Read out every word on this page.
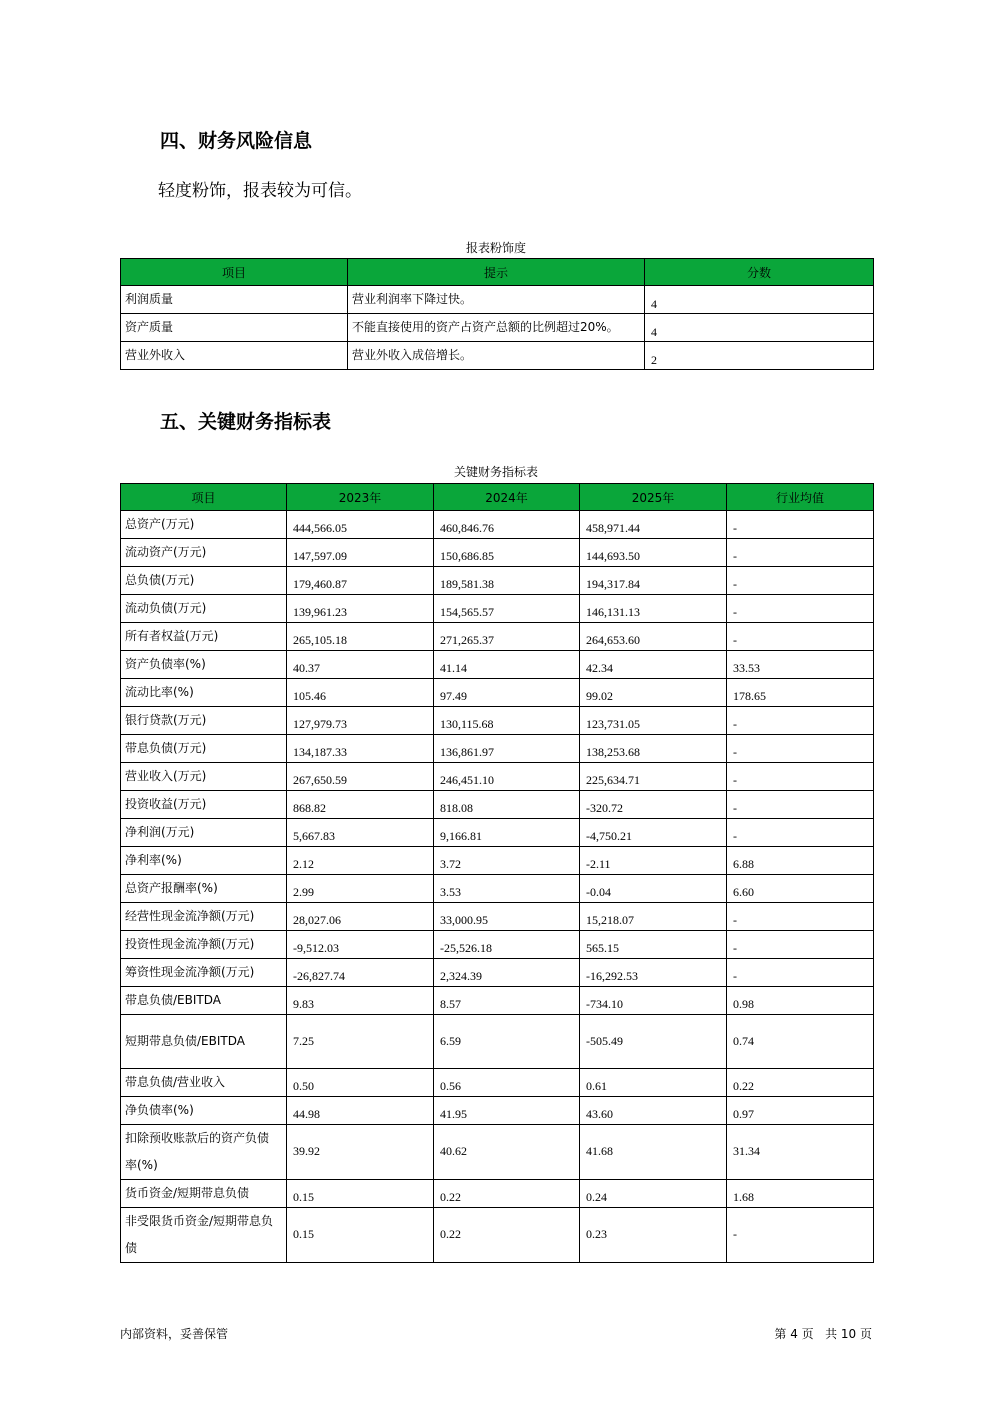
四、财务风险信息
轻度粉饰，报表较为可信。
报表粉饰度
项目	提示	分数
利润质量	营业利润率下降过快。	4
资产质量	不能直接使用的资产占资产总额的比例超过20%。	4
营业外收入	营业外收入成倍增长。	2
五、关键财务指标表
关键财务指标表
项目	2023年	2024年	2025年	行业均值
总资产(万元)	444,566.05	460,846.76	458,971.44	-
流动资产(万元)	147,597.09	150,686.85	144,693.50	-
总负债(万元)	179,460.87	189,581.38	194,317.84	-
流动负债(万元)	139,961.23	154,565.57	146,131.13	-
所有者权益(万元)	265,105.18	271,265.37	264,653.60	-
资产负债率(%)	40.37	41.14	42.34	33.53
流动比率(%)	105.46	97.49	99.02	178.65
银行贷款(万元)	127,979.73	130,115.68	123,731.05	-
带息负债(万元)	134,187.33	136,861.97	138,253.68	-
营业收入(万元)	267,650.59	246,451.10	225,634.71	-
投资收益(万元)	868.82	818.08	-320.72	-
净利润(万元)	5,667.83	9,166.81	-4,750.21	-
净利率(%)	2.12	3.72	-2.11	6.88
总资产报酬率(%)	2.99	3.53	-0.04	6.60
经营性现金流净额(万元)	28,027.06	33,000.95	15,218.07	-
投资性现金流净额(万元)	-9,512.03	-25,526.18	565.15	-
筹资性现金流净额(万元)	-26,827.74	2,324.39	-16,292.53	-
带息负债/EBITDA	9.83	8.57	-734.10	0.98
短期带息负债/EBITDA	7.25	6.59	-505.49	0.74
带息负债/营业收入	0.50	0.56	0.61	0.22
净负债率(%)	44.98	41.95	43.60	0.97
扣除预收账款后的资产负债率(%)	39.92	40.62	41.68	31.34
货币资金/短期带息负债	0.15	0.22	0.24	1.68
非受限货币资金/短期带息负债	0.15	0.22	0.23	-
内部资料，妥善保管	第 4 页   共 10 页
